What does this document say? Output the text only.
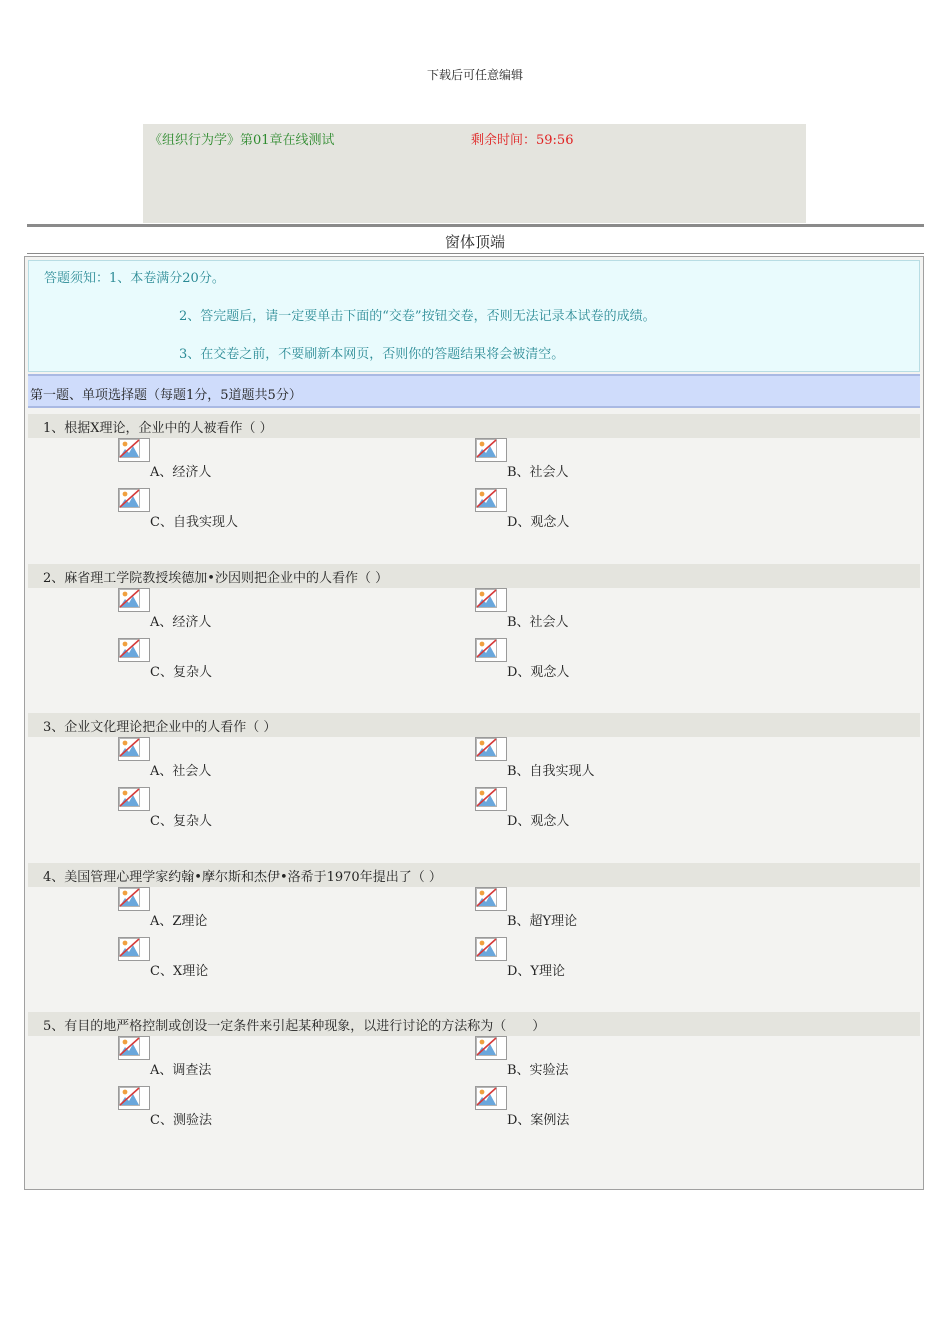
下载后可任意编辑
《组织行为学》第01章在线测试	剩余时间：59:56
窗体顶端

答题须知：1、本卷满分20分。

2、答完题后，请一定要单击下面的“交卷”按钮交卷，否则无法记录本试卷的成绩。

3、在交卷之前，不要刷新本网页，否则你的答题结果将会被清空。

第一题、单项选择题（每题1分，5道题共5分）
1、根据X理论，企业中的人被看作（ ）
A、经济人	B、社会人
C、自我实现人	D、观念人
2、麻省理工学院教授埃德加•沙因则把企业中的人看作（ ）
A、经济人	B、社会人
C、复杂人	D、观念人
3、企业文化理论把企业中的人看作（ ）
A、社会人	B、自我实现人
C、复杂人	D、观念人
4、美国管理心理学家约翰•摩尔斯和杰伊•洛希于1970年提出了（ ）
A、Z理论	B、超Y理论
C、X理论	D、Y理论
5、有目的地严格控制或创设一定条件来引起某种现象，以进行讨论的方法称为（　　）
A、调查法	B、实验法
C、测验法	D、案例法
